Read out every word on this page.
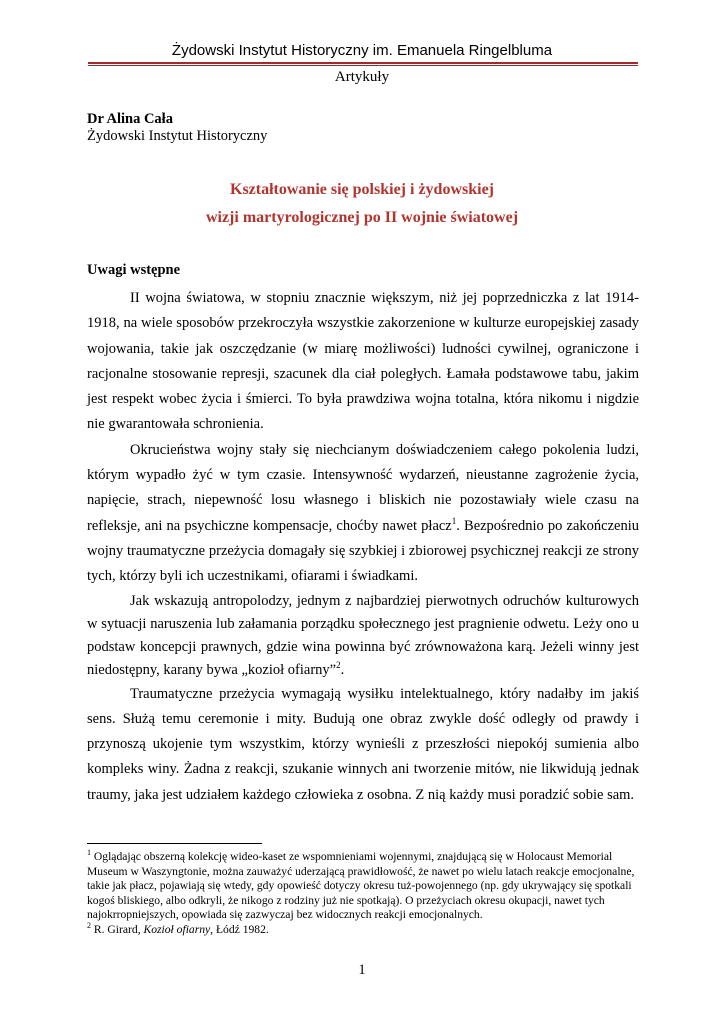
Żydowski Instytut Historyczny im. Emanuela Ringelbluma
Artykuły
Dr Alina Cała
Żydowski Instytut Historyczny
Kształtowanie się polskiej i żydowskiej
wizji martyrologicznej po II wojnie światowej
Uwagi wstępne

II wojna światowa, w stopniu znacznie większym, niż jej poprzedniczka z lat 1914-1918, na wiele sposobów przekroczyła wszystkie zakorzenione w kulturze europejskiej zasady wojowania, takie jak oszczędzanie (w miarę możliwości) ludności cywilnej, ograniczone i racjonalne stosowanie represji, szacunek dla ciał poległych. Łamała podstawowe tabu, jakim jest respekt wobec życia i śmierci. To była prawdziwa wojna totalna, która nikomu i nigdzie nie gwarantowała schronienia.

Okrucieństwa wojny stały się niechcianym doświadczeniem całego pokolenia ludzi, którym wypadło żyć w tym czasie. Intensywność wydarzeń, nieustanne zagrożenie życia, napięcie, strach, niepewność losu własnego i bliskich nie pozostawiały wiele czasu na refleksje, ani na psychiczne kompensacje, choćby nawet płacz$^1$. Bezpośrednio po zakończeniu wojny traumatyczne przeżycia domagały się szybkiej i zbiorowej psychicznej reakcji ze strony tych, którzy byli ich uczestnikami, ofiarami i świadkami.

Jak wskazują antropolodzy, jednym z najbardziej pierwotnych odruchów kulturowych w sytuacji naruszenia lub załamania porządku społecznego jest pragnienie odwetu. Leży ono u podstaw koncepcji prawnych, gdzie wina powinna być zrównoważona karą. Jeżeli winny jest niedostępny, karany bywa „kozioł ofiarny”$^2$.

Traumatyczne przeżycia wymagają wysiłku intelektualnego, który nadałby im jakiś sens. Służą temu ceremonie i mity. Budują one obraz zwykle dość odległy od prawdy i przynoszą ukojenie tym wszystkim, którzy wynieśli z przeszłości niepokój sumienia albo kompleks winy. Żadna z reakcji, szukanie winnych ani tworzenie mitów, nie likwidują jednak traumy, jaka jest udziałem każdego człowieka z osobna. Z nią każdy musi poradzić sobie sam.

$^1$ Oglądając obszerną kolekcję wideo-kaset ze wspomnieniami wojennymi, znajdującą się w Holocaust Memorial Museum w Waszyngtonie, można zauważyć uderzającą prawidłowość, że nawet po wielu latach reakcje emocjonalne, takie jak płacz, pojawiają się wtedy, gdy opowieść dotyczy okresu tuż-powojennego (np. gdy ukrywający się spotkali kogoś bliskiego, albo odkryli, że nikogo z rodziny już nie spotkają). O przeżyciach okresu okupacji, nawet tych najokrropniejszych, opowiada się zazwyczaj bez widocznych reakcji emocjonalnych.

$^2$ R. Girard, Kozioł ofiarny, Łódź 1982.

1
